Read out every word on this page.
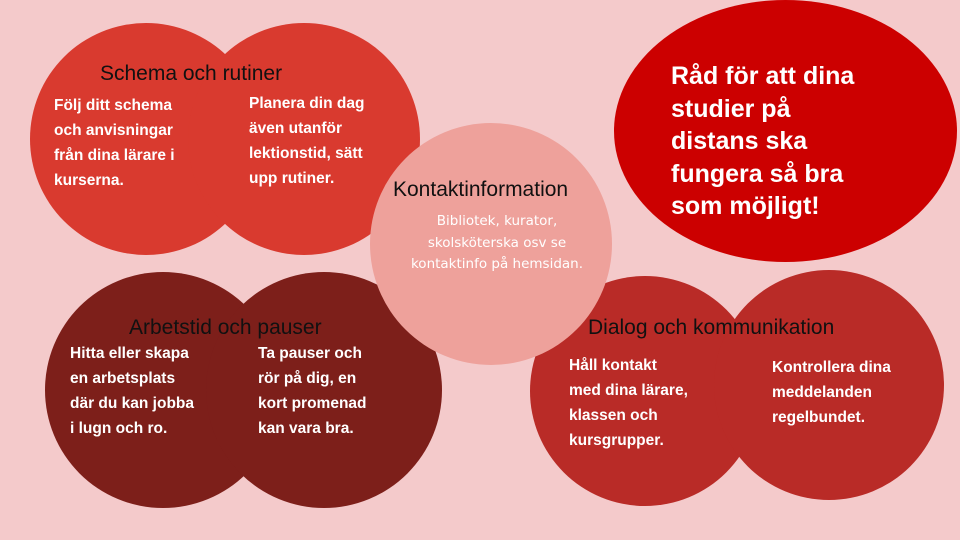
Råd för att dina
studier på
distans ska
fungera så bra
som möjligt!

Schema och rutiner

Följ ditt schema
och anvisningar
från dina lärare i
kurserna.

Planera din dag
även utanför
lektionstid, sätt
upp rutiner.	Kontaktinformation

Bibliotek, kurator,
skolsköterska osv se
kontaktinfo på hemsidan.

Arbetstid och pauser

Hitta eller skapa
en arbetsplats
där du kan jobba
i lugn och ro.

Ta pauser och
rör på dig, en
kort promenad
kan vara bra.

Dialog och kommunikation

Håll kontakt
med dina lärare,
klassen och
kursgrupper.

Kontrollera dina
meddelanden
regelbundet.
